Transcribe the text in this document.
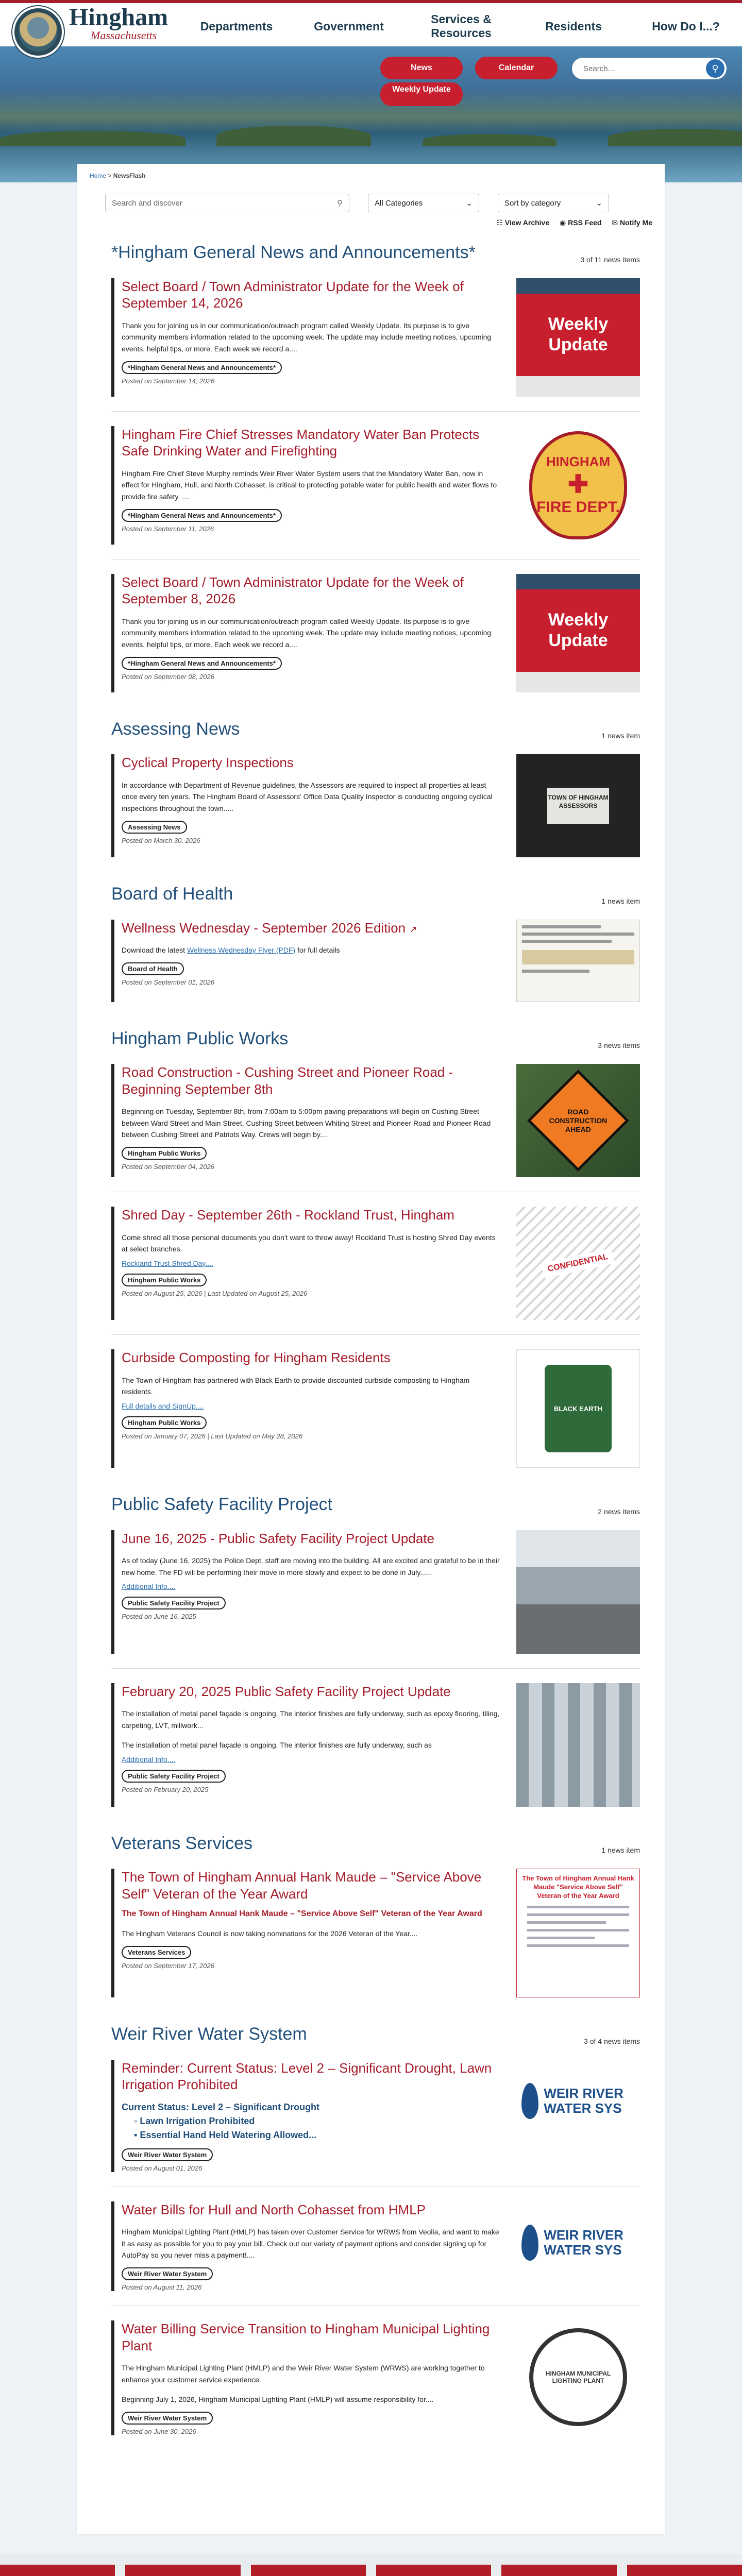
Hingham
Massachusetts
Departments	Government
Services & Resources
Residents	How Do I...?
News	Calendar
Weekly Update
Search...	⚲
Home > NewsFlash
Search and discover	⚲	All Categories	⌄	Sort by category	⌄
☷ View Archive ◉ RSS Feed ✉ Notify Me
*Hingham General News and Announcements*	3 of 11 news items
Select Board / Town Administrator Update for the Week of September 14, 2026
Thank you for joining us in our communication/outreach program called Weekly Update. Its purpose is to give community members information related to the upcoming week. The update may include meeting notices, upcoming events, helpful tips, or more. Each week we record a....
*Hingham General News and Announcements*
Posted on September 14, 2026
Weekly Update
Hingham Fire Chief Stresses Mandatory Water Ban Protects Safe Drinking Water and Firefighting
Hingham Fire Chief Steve Murphy reminds Weir River Water System users that the Mandatory Water Ban, now in effect for Hingham, Hull, and North Cohasset, is critical to protecting potable water for public health and water flows to provide fire safety. ....
*Hingham General News and Announcements*
Posted on September 11, 2026
HINGHAM
✚
FIRE DEPT.
Select Board / Town Administrator Update for the Week of September 8, 2026
Thank you for joining us in our communication/outreach program called Weekly Update. Its purpose is to give community members information related to the upcoming week. The update may include meeting notices, upcoming events, helpful tips, or more. Each week we record a....
*Hingham General News and Announcements*
Posted on September 08, 2026
Weekly Update
Assessing News	1 news item
Cyclical Property Inspections
In accordance with Department of Revenue guidelines, the Assessors are required to inspect all properties at least once every ten years. The Hingham Board of Assessors' Office Data Quality Inspector is conducting ongoing cyclical inspections throughout the town.....
Assessing News
Posted on March 30, 2026
TOWN OF HINGHAM ASSESSORS
Board of Health	1 news item
Wellness Wednesday - September 2026 Edition ↗
Download the latest Wellness Wednesday Flyer (PDF) for full details
Board of Health
Posted on September 01, 2026
Hingham Public Works	3 news items
Road Construction - Cushing Street and Pioneer Road - Beginning September 8th
Beginning on Tuesday, September 8th, from 7:00am to 5:00pm paving preparations will begin on Cushing Street between Ward Street and Main Street, Cushing Street between Whiting Street and Pioneer Road and Pioneer Road between Cushing Street and Patriots Way. Crews will begin by....
Hingham Public Works
Posted on September 04, 2026
ROAD CONSTRUCTION AHEAD
Shred Day - September 26th - Rockland Trust, Hingham
Come shred all those personal documents you don't want to throw away! Rockland Trust is hosting Shred Day events at select branches.
Rockland Trust Shred Day....
Hingham Public Works
Posted on August 25, 2026 | Last Updated on August 25, 2026
CONFIDENTIAL
Curbside Composting for Hingham Residents
The Town of Hingham has partnered with Black Earth to provide discounted curbside composting to Hingham residents.
Full details and SignUp....
Hingham Public Works
Posted on January 07, 2026 | Last Updated on May 28, 2026
BLACK EARTH
Public Safety Facility Project	2 news items
June 16, 2025 - Public Safety Facility Project Update
As of today (June 16, 2025) the Police Dept. staff are moving into the building. All are excited and grateful to be in their new home. The FD will be performing their move in more slowly and expect to be done in July......
Additional Info....
Public Safety Facility Project
Posted on June 16, 2025
February 20, 2025 Public Safety Facility Project Update
The installation of metal panel façade is ongoing. The interior finishes are fully underway, such as epoxy flooring, tiling, carpeting, LVT, millwork...
The installation of metal panel façade is ongoing. The interior finishes are fully underway, such as
Additional Info....
Public Safety Facility Project
Posted on February 20, 2025
Veterans Services	1 news item
The Town of Hingham Annual Hank Maude – "Service Above Self" Veteran of the Year Award
The Town of Hingham Annual Hank Maude – "Service Above Self" Veteran of the Year Award
The Hingham Veterans Council is now taking nominations for the 2026 Veteran of the Year....
Veterans Services
Posted on September 17, 2026
The Town of Hingham Annual Hank Maude "Service Above Self" Veteran of the Year Award
Weir River Water System	3 of 4 news items
Reminder: Current Status: Level 2 – Significant Drought, Lawn Irrigation Prohibited
Current Status: Level 2 – Significant Drought
◦ Lawn Irrigation Prohibited
▪ Essential Hand Held Watering Allowed...
Weir River Water System
Posted on August 01, 2026
WEIR RIVER WATER SYS
Water Bills for Hull and North Cohasset from HMLP
Hingham Municipal Lighting Plant (HMLP) has taken over Customer Service for WRWS from Veolia, and want to make it as easy as possible for you to pay your bill. Check out our variety of payment options and consider signing up for AutoPay so you never miss a payment!....
Weir River Water System
Posted on August 11, 2026
WEIR RIVER WATER SYS
Water Billing Service Transition to Hingham Municipal Lighting Plant
The Hingham Municipal Lighting Plant (HMLP) and the Weir River Water System (WRWS) are working together to enhance your customer service experience.
Beginning July 1, 2026, Hingham Municipal Lighting Plant (HMLP) will assume responsibility for....
Weir River Water System
Posted on June 30, 2026
HINGHAM MUNICIPAL LIGHTING PLANT
